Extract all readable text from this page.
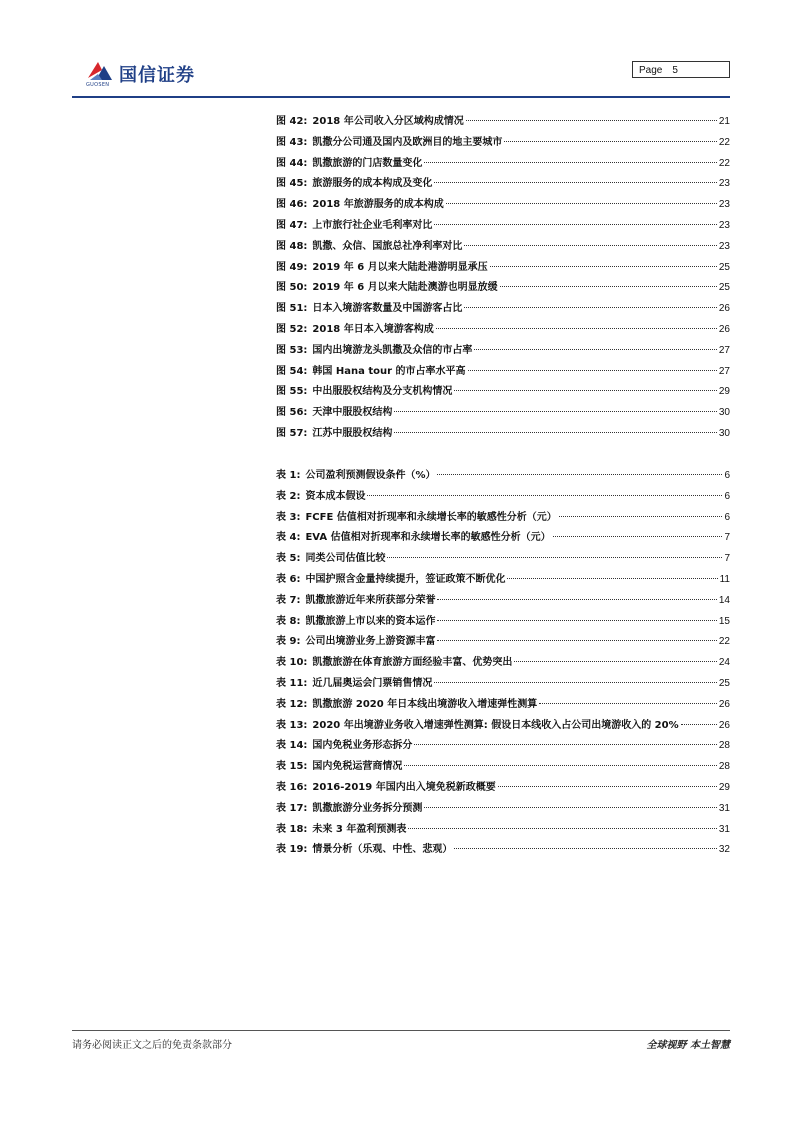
国信证券
GUOSEN
Page 5
图 42: 2018 年公司收入分区域构成情况	21
图 43: 凯撒分公司通及国内及欧洲目的地主要城市	22
图 44: 凯撒旅游的门店数量变化	22
图 45: 旅游服务的成本构成及变化	23
图 46: 2018 年旅游服务的成本构成	23
图 47: 上市旅行社企业毛利率对比	23
图 48: 凯撒、众信、国旅总社净利率对比	23
图 49: 2019 年 6 月以来大陆赴港游明显承压	25
图 50: 2019 年 6 月以来大陆赴澳游也明显放缓	25
图 51: 日本入境游客数量及中国游客占比	26
图 52: 2018 年日本入境游客构成	26
图 53: 国内出境游龙头凯撒及众信的市占率	27
图 54: 韩国 Hana tour 的市占率水平高	27
图 55: 中出服股权结构及分支机构情况	29
图 56: 天津中服股权结构	30
图 57: 江苏中服股权结构	30
表 1: 公司盈利预测假设条件（%）	6
表 2: 资本成本假设	6
表 3: FCFE 估值相对折现率和永续增长率的敏感性分析（元）	6
表 4: EVA 估值相对折现率和永续增长率的敏感性分析（元）	7
表 5: 同类公司估值比较	7
表 6: 中国护照含金量持续提升，签证政策不断优化	11
表 7: 凯撒旅游近年来所获部分荣誉	14
表 8: 凯撒旅游上市以来的资本运作	15
表 9: 公司出境游业务上游资源丰富	22
表 10: 凯撒旅游在体育旅游方面经验丰富、优势突出	24
表 11: 近几届奥运会门票销售情况	25
表 12: 凯撒旅游 2020 年日本线出境游收入增速弹性测算	26
表 13: 2020 年出境游业务收入增速弹性测算: 假设日本线收入占公司出境游收入的 20%	26
表 14: 国内免税业务形态拆分	28
表 15: 国内免税运营商情况	28
表 16: 2016-2019 年国内出入境免税新政概要	29
表 17: 凯撒旅游分业务拆分预测	31
表 18: 未来 3 年盈利预测表	31
表 19: 情景分析（乐观、中性、悲观）	32
请务必阅读正文之后的免责条款部分	全球视野 本土智慧
